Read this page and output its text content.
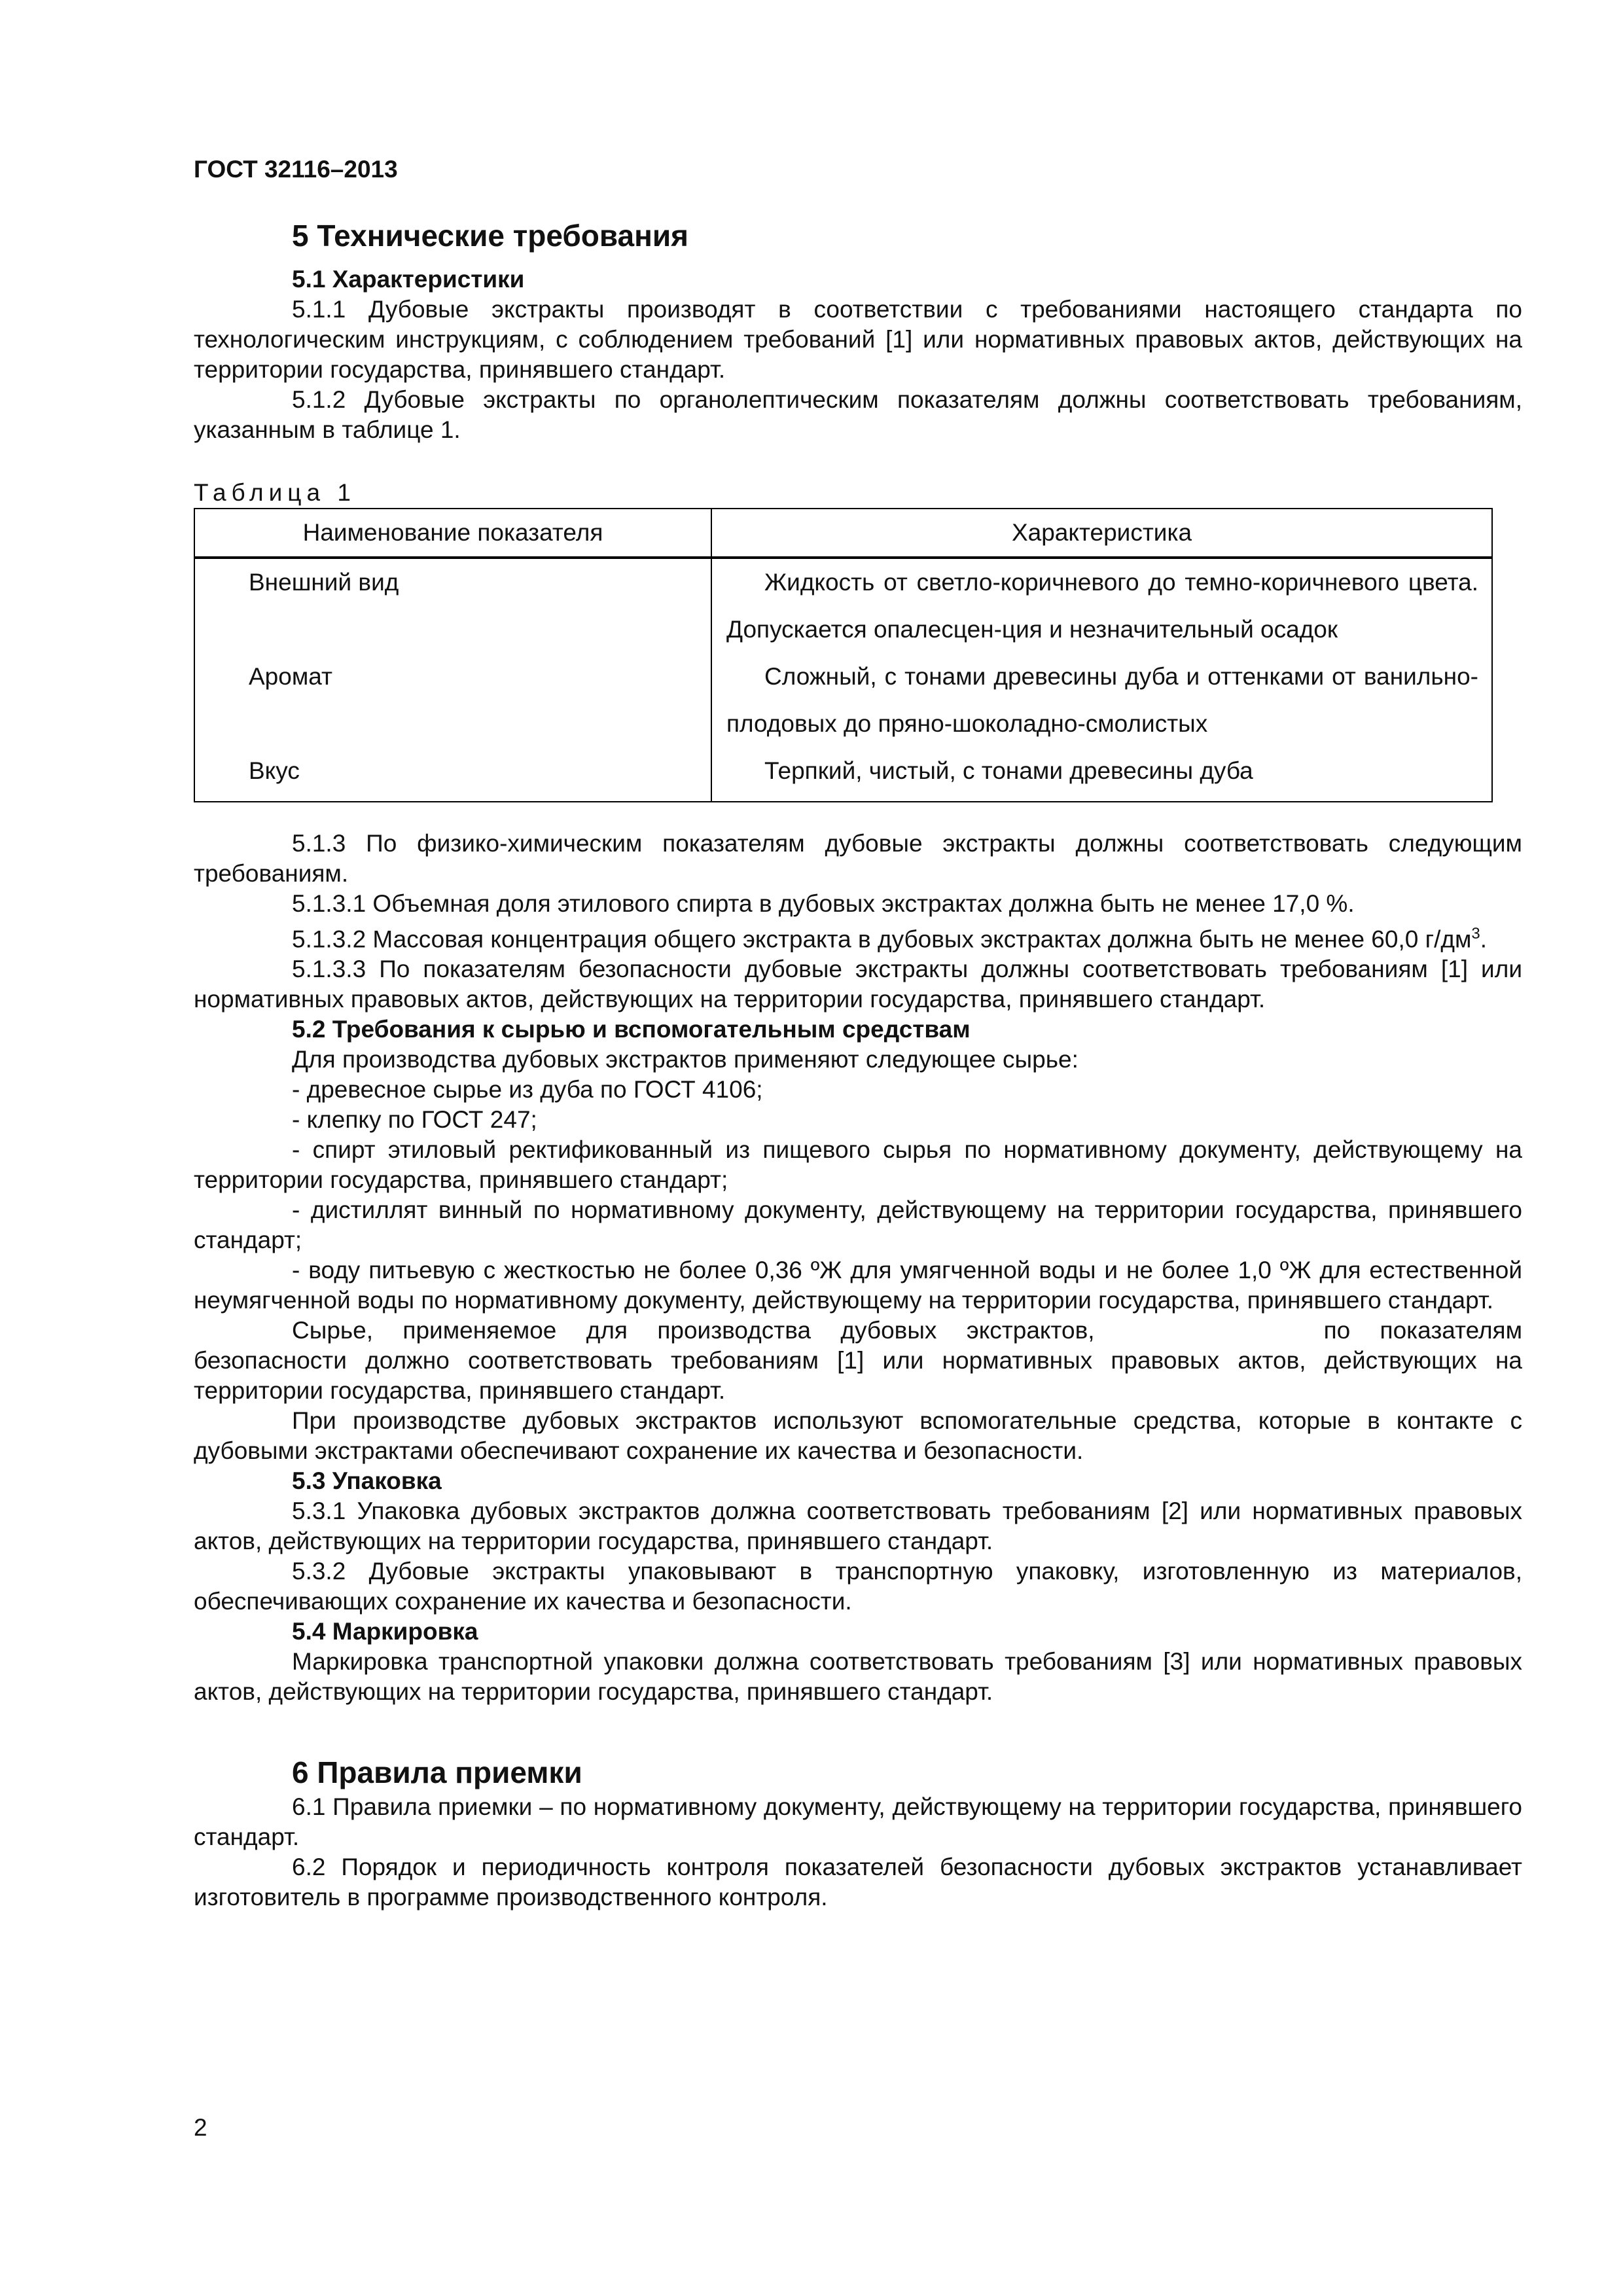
ГОСТ 32116–2013
5 Технические требования
5.1 Характеристики

5.1.1 Дубовые экстракты производят в соответствии с требованиями настоящего стандарта по технологическим инструкциям, с соблюдением требований [1] или нормативных правовых актов, действующих на территории государства, принявшего стандарт.

5.1.2 Дубовые экстракты по органолептическим показателям должны соответствовать требованиям, указанным в таблице 1.

Таблица 1

Наименование показателя	Характеристика
Внешний вид	Жидкость от светло-коричневого до темно-коричневого цвета. Допускается опалесцен-ция и незначительный осадок
Аромат	Сложный, с тонами древесины дуба и оттенками от ванильно-плодовых до пряно-шоколадно-смолистых
Вкус	Терпкий, чистый, с тонами древесины дуба

5.1.3 По физико-химическим показателям дубовые экстракты должны соответствовать следующим требованиям.

5.1.3.1 Объемная доля этилового спирта в дубовых экстрактах должна быть не менее 17,0 %.

5.1.3.2 Массовая концентрация общего экстракта в дубовых экстрактах должна быть не менее 60,0 $г/дм^3$.

5.1.3.3 По показателям безопасности дубовые экстракты должны соответствовать требованиям [1] или нормативных правовых актов, действующих на территории государства, принявшего стандарт.

5.2 Требования к сырью и вспомогательным средствам

Для производства дубовых экстрактов применяют следующее сырье:

- древесное сырье из дуба по ГОСТ 4106;

- клепку по ГОСТ 247;

- спирт этиловый ректификованный из пищевого сырья по нормативному документу, действующему на территории государства, принявшего стандарт;

- дистиллят винный по нормативному документу, действующему на территории государства, принявшего стандарт;

- воду питьевую с жесткостью не более 0,36 ºЖ для умягченной воды и не более 1,0 ºЖ для естественной неумягченной воды по нормативному документу, действующему на территории государства, принявшего стандарт.

Сырье, применяемое для производства дубовых экстрактов,	по показателям безопасности должно соответствовать требованиям [1] или нормативных правовых актов, действующих на территории государства, принявшего стандарт.

При производстве дубовых экстрактов используют вспомогательные средства, которые в контакте с дубовыми экстрактами обеспечивают сохранение их качества и безопасности.

5.3 Упаковка

5.3.1 Упаковка дубовых экстрактов должна соответствовать требованиям [2] или нормативных правовых актов, действующих на территории государства, принявшего стандарт.

5.3.2 Дубовые экстракты упаковывают в транспортную упаковку, изготовленную из материалов, обеспечивающих сохранение их качества и безопасности.

5.4 Маркировка

Маркировка транспортной упаковки должна соответствовать требованиям [3] или нормативных правовых актов, действующих на территории государства, принявшего стандарт.

6 Правила приемки

6.1 Правила приемки – по нормативному документу, действующему на территории государства, принявшего стандарт.

6.2 Порядок и периодичность контроля показателей безопасности дубовых экстрактов устанавливает изготовитель в программе производственного контроля.

2
